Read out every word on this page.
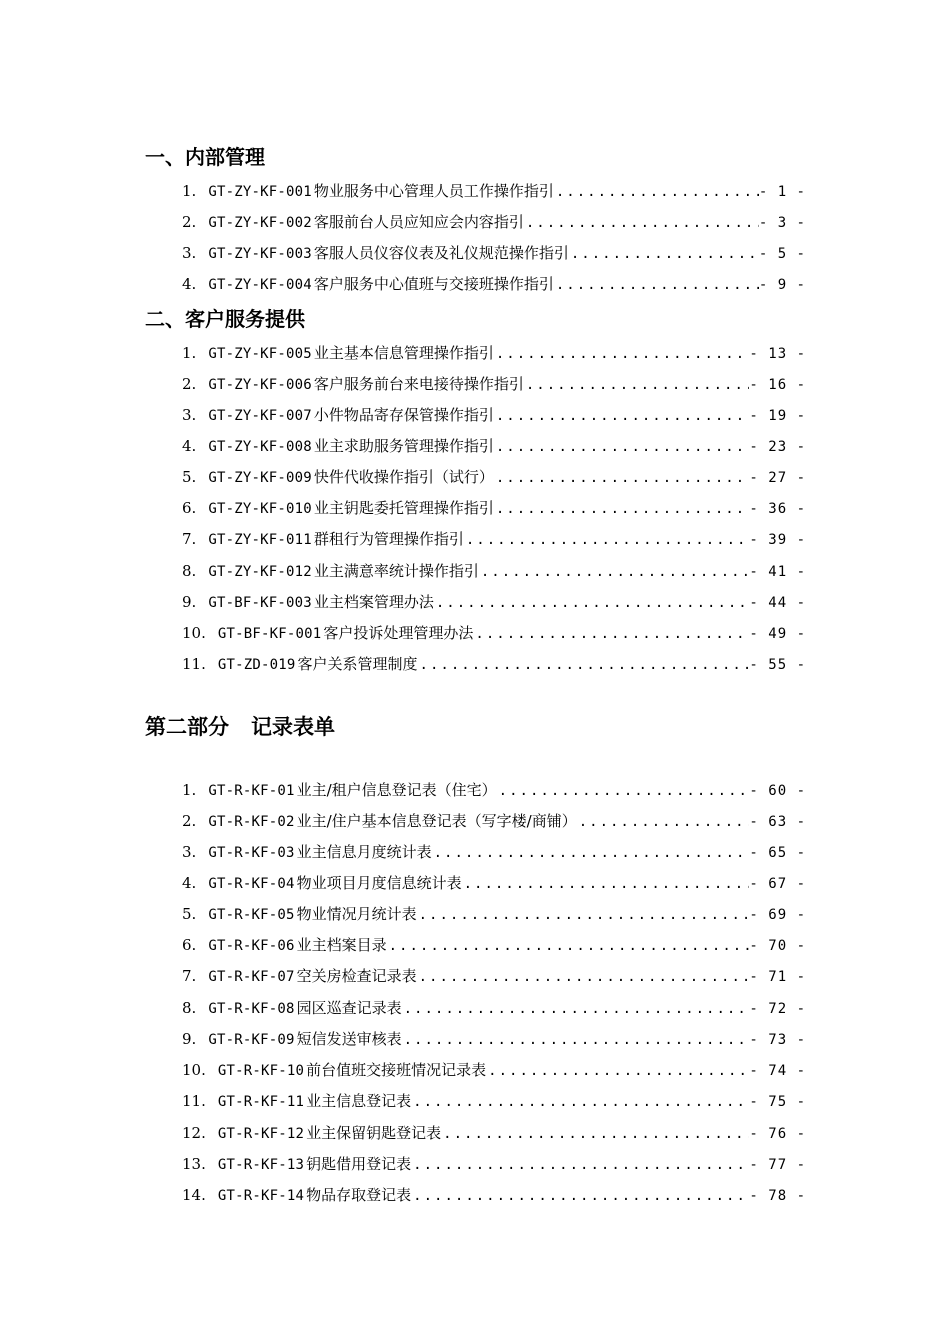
一、内部管理
1. GT-ZY-KF-001 物业服务中心管理人员工作操作指引 .....	- 1 -
2. GT-ZY-KF-002 客服前台人员应知应会内容指引 .....	- 3 -
3. GT-ZY-KF-003 客服人员仪容仪表及礼仪规范操作指引 .....	- 5 -
4. GT-ZY-KF-004 客户服务中心值班与交接班操作指引 .....	- 9 -
二、客户服务提供
1. GT-ZY-KF-005 业主基本信息管理操作指引 .....	- 13 -
2. GT-ZY-KF-006 客户服务前台来电接待操作指引 .....	- 16 -
3. GT-ZY-KF-007 小件物品寄存保管操作指引 .....	- 19 -
4. GT-ZY-KF-008 业主求助服务管理操作指引 .....	- 23 -
5. GT-ZY-KF-009 快件代收操作指引（试行） .....	- 27 -
6. GT-ZY-KF-010 业主钥匙委托管理操作指引 .....	- 36 -
7. GT-ZY-KF-011 群租行为管理操作指引 .....	- 39 -
8. GT-ZY-KF-012 业主满意率统计操作指引 .....	- 41 -
9. GT-BF-KF-003 业主档案管理办法 .....	- 44 -
10. GT-BF-KF-001 客户投诉处理管理办法 .....	- 49 -
11. GT-ZD-019 客户关系管理制度 .....	- 55 -
第二部分 记录表单
1. GT-R-KF-01 业主/租户信息登记表（住宅） .....	- 60 -
2. GT-R-KF-02 业主/住户基本信息登记表（写字楼/商铺） .....	- 63 -
3. GT-R-KF-03 业主信息月度统计表 .....	- 65 -
4. GT-R-KF-04 物业项目月度信息统计表 .....	- 67 -
5. GT-R-KF-05 物业情况月统计表 .....	- 69 -
6. GT-R-KF-06 业主档案目录 .....	- 70 -
7. GT-R-KF-07 空关房检查记录表 .....	- 71 -
8. GT-R-KF-08 园区巡查记录表 .....	- 72 -
9. GT-R-KF-09 短信发送审核表 .....	- 73 -
10. GT-R-KF-10 前台值班交接班情况记录表 .....	- 74 -
11. GT-R-KF-11 业主信息登记表 .....	- 75 -
12. GT-R-KF-12 业主保留钥匙登记表 .....	- 76 -
13. GT-R-KF-13 钥匙借用登记表 .....	- 77 -
14. GT-R-KF-14 物品存取登记表 .....	- 78 -
